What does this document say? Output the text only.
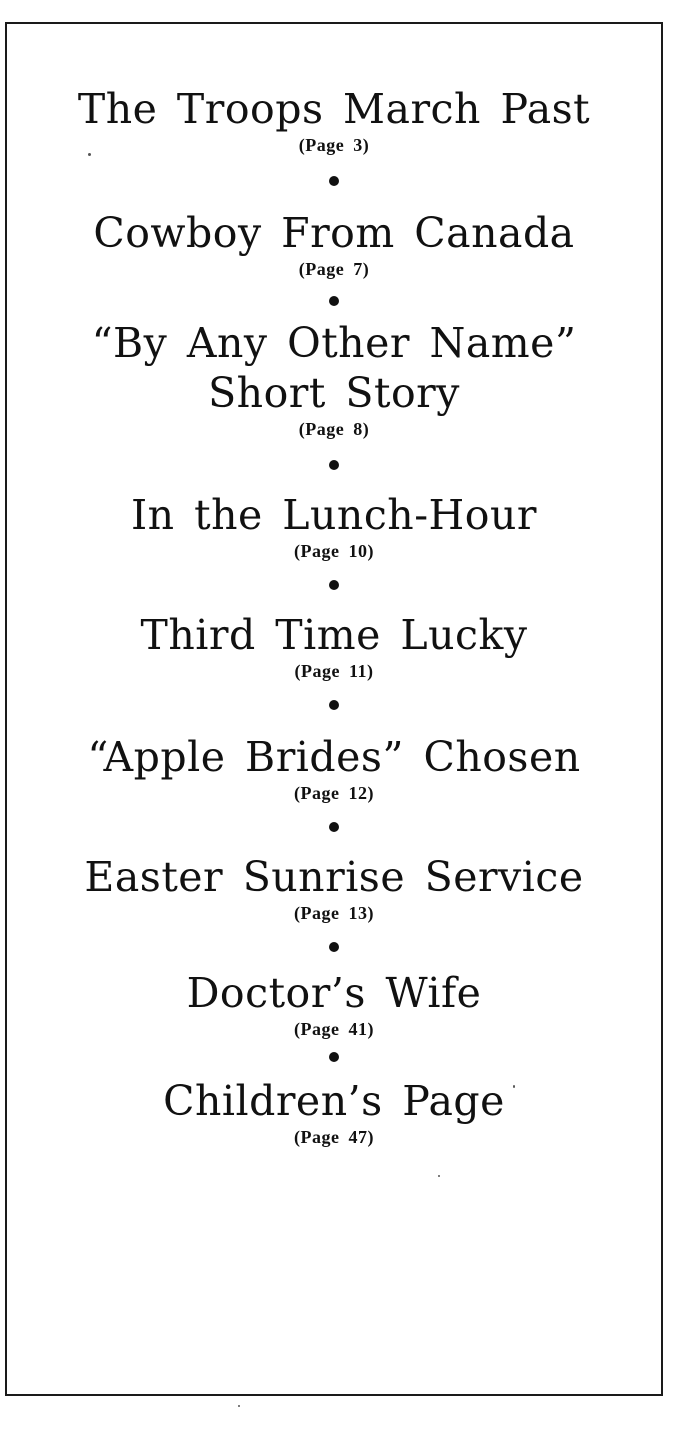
The Troops March Past
(Page 3)
Cowboy From Canada
(Page 7)
“By Any Other Name”
Short Story
(Page 8)
In the Lunch-Hour
(Page 10)
Third Time Lucky
(Page 11)
“Apple Brides” Chosen
(Page 12)
Easter Sunrise Service
(Page 13)
Doctor’s Wife
(Page 41)
Children’s Page
(Page 47)
